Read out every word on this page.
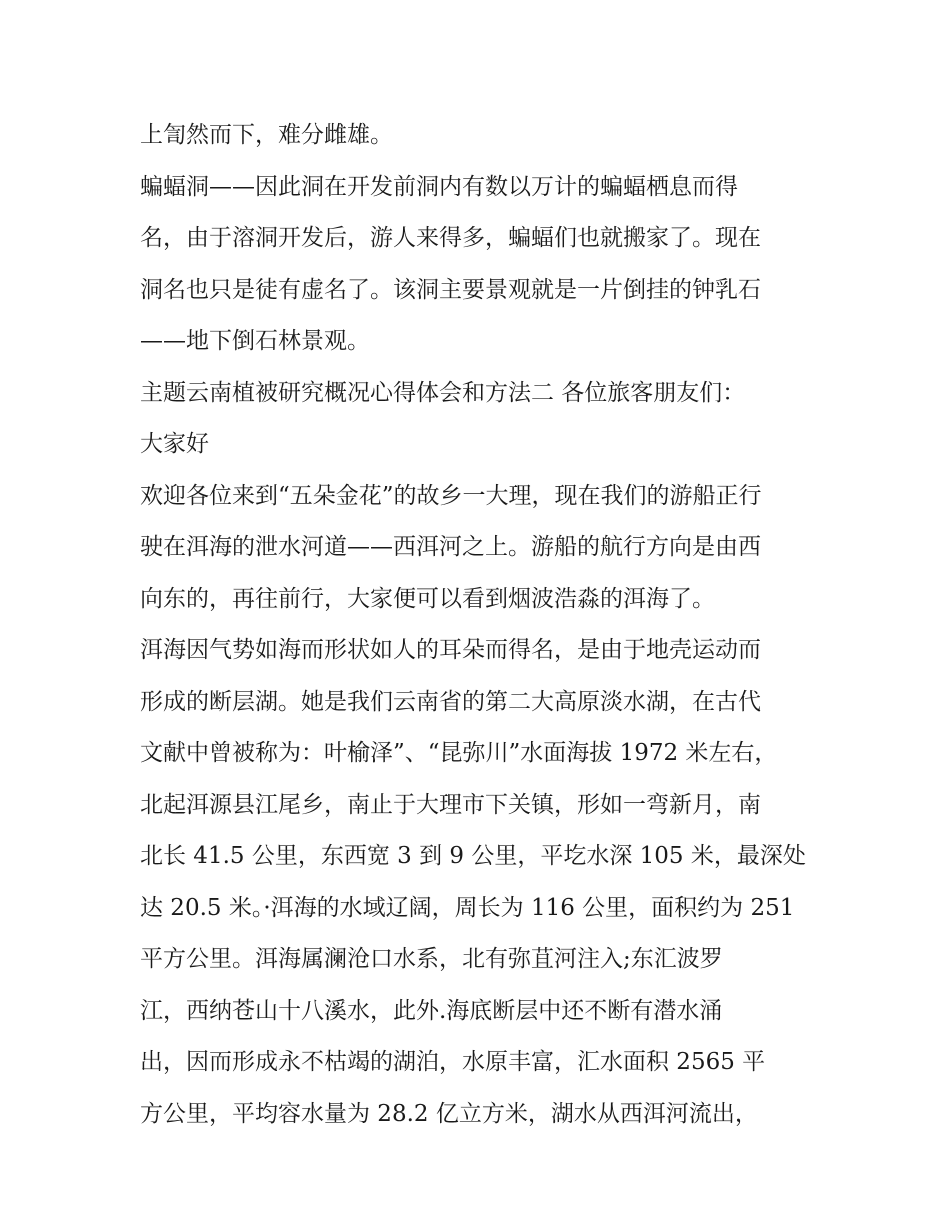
上訇然而下，难分雌雄。
蝙蝠洞——因此洞在开发前洞内有数以万计的蝙蝠栖息而得
名，由于溶洞开发后，游人来得多，蝙蝠们也就搬家了。现在
洞名也只是徒有虚名了。该洞主要景观就是一片倒挂的钟乳石
——地下倒石林景观。
主题云南植被研究概况心得体会和方法二 各位旅客朋友们：
大家好
欢迎各位来到“五朵金花”的故乡一大理，现在我们的游船正行
驶在洱海的泄水河道——西洱河之上。游船的航行方向是由西
向东的，再往前行，大家便可以看到烟波浩淼的洱海了。
洱海因气势如海而形状如人的耳朵而得名，是由于地壳运动而
形成的断层湖。她是我们云南省的第二大高原淡水湖，在古代
文献中曾被称为：叶榆泽”、“昆弥川”水面海拔 1972 米左右，
北起洱源县江尾乡，南止于大理市下关镇，形如一弯新月，南
北长 41.5 公里，东西宽 3 到 9 公里，平圪水深 105 米，最深处
达 20.5 米。·洱海的水域辽阔，周长为 116 公里，面积约为 251
平方公里。洱海属澜沧口水系，北有弥苴河注入;东汇波罗
江，西纳苍山十八溪水，此外.海底断层中还不断有潜水涌
出，因而形成永不枯竭的湖泊，水原丰富，汇水面积 2565 平
方公里，平均容水量为 28.2 亿立方米，湖水从西洱河流出，
